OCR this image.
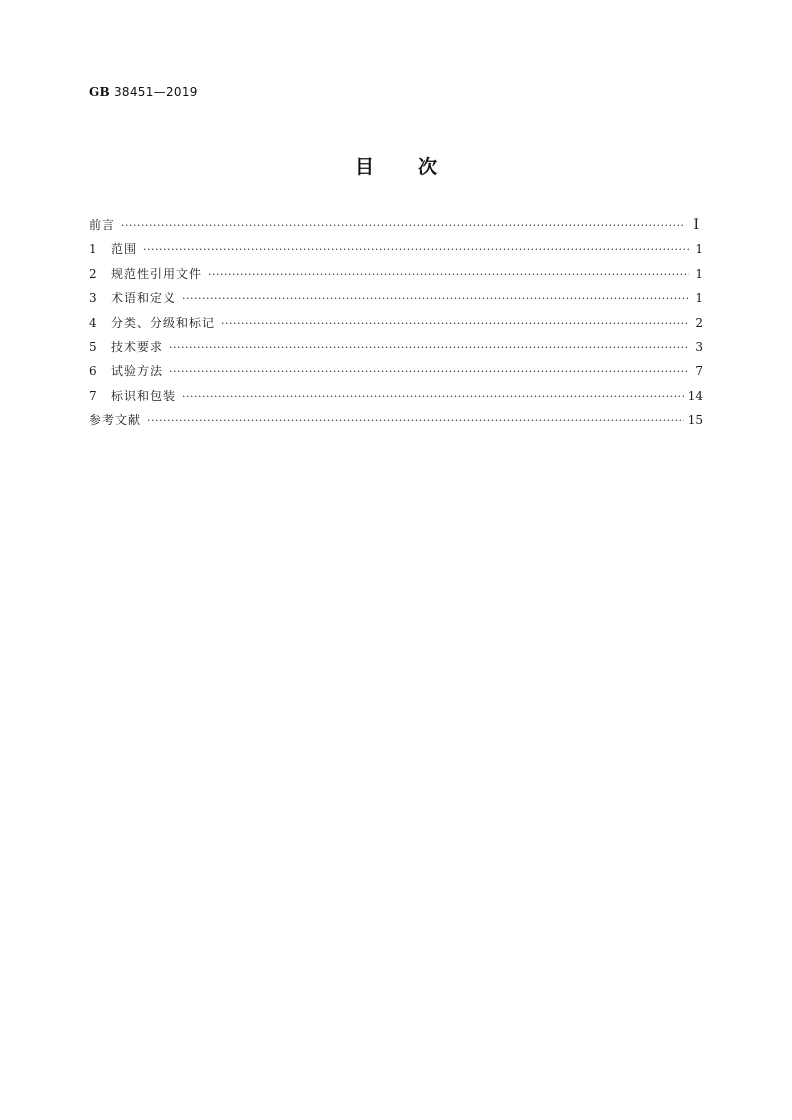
GB 38451—2019
目 次
前言 ·····	I
1	范围 ·····	1
2	规范性引用文件 ·····	1
3	术语和定义 ·····	1
4	分类、分级和标记 ·····	2
5	技术要求 ·····	3
6	试验方法 ·····	7
7	标识和包装 ·····	14
参考文献 ·····	15
